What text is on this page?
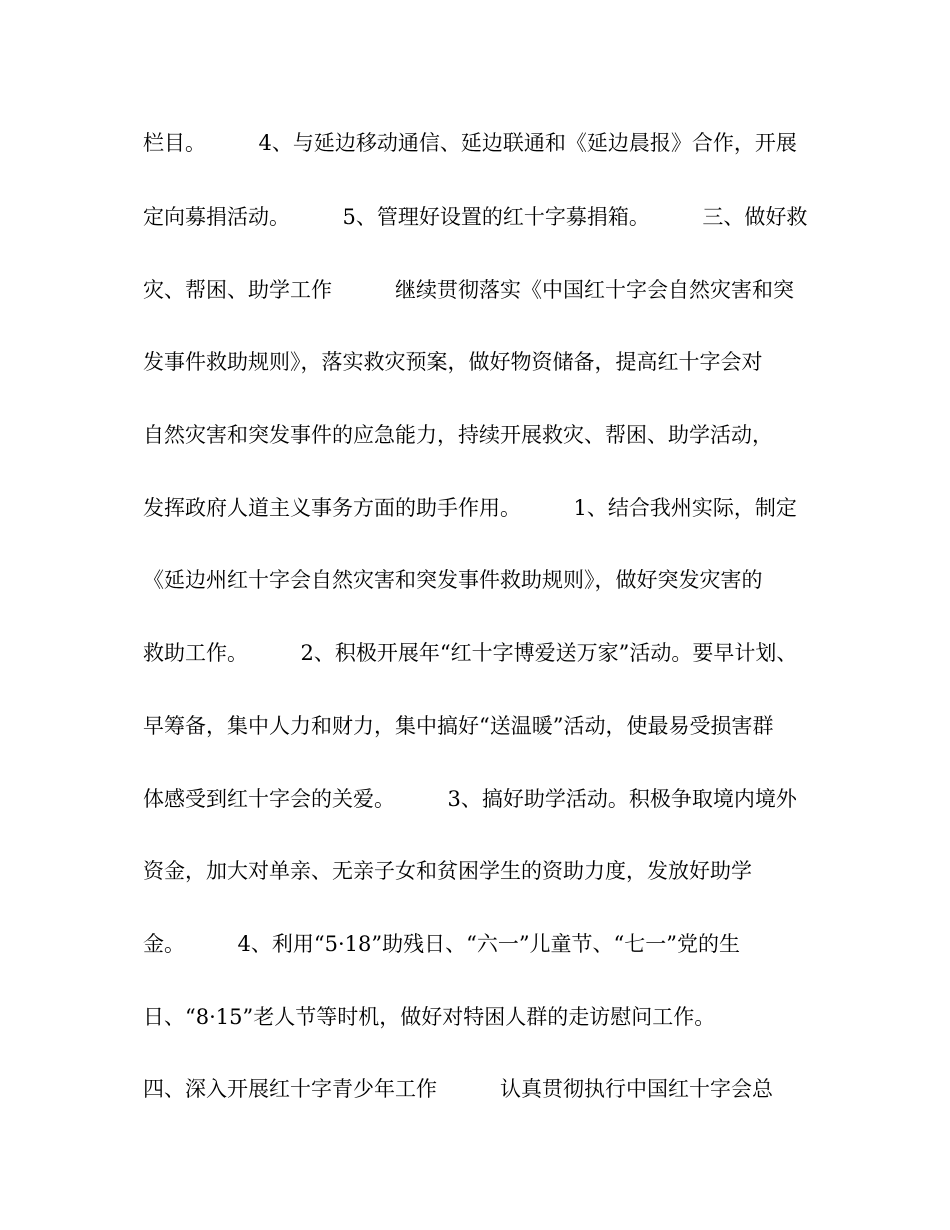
栏目。　　　4、与延边移动通信、延边联通和《延边晨报》合作，开展
定向募捐活动。　　　5、管理好设置的红十字募捐箱。　　　三、做好救
灾、帮困、助学工作　　　继续贯彻落实《中国红十字会自然灾害和突
发事件救助规则》，落实救灾预案，做好物资储备，提高红十字会对
自然灾害和突发事件的应急能力，持续开展救灾、帮困、助学活动，
发挥政府人道主义事务方面的助手作用。　　　1、结合我州实际，制定
《延边州红十字会自然灾害和突发事件救助规则》，做好突发灾害的
救助工作。　　　2、积极开展年“红十字博爱送万家”活动。要早计划、
早筹备，集中人力和财力，集中搞好“送温暖”活动，使最易受损害群
体感受到红十字会的关爱。　　　3、搞好助学活动。积极争取境内境外
资金，加大对单亲、无亲子女和贫困学生的资助力度，发放好助学
金。　　　4、利用“5·18”助残日、“六一”儿童节、“七一”党的生
日、“8·15”老人节等时机，做好对特困人群的走访慰问工作。
四、深入开展红十字青少年工作　　　认真贯彻执行中国红十字会总
